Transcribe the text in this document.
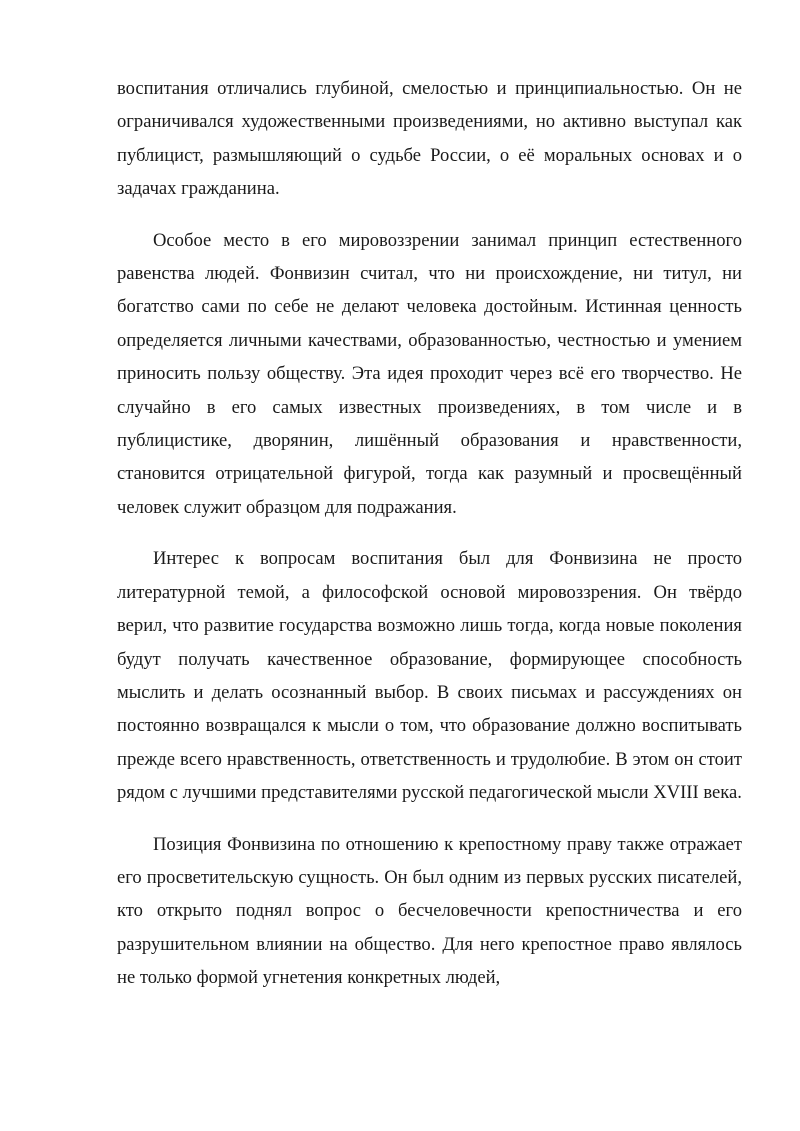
воспитания отличались глубиной, смелостью и принципиальностью. Он не ограничивался художественными произведениями, но активно выступал как публицист, размышляющий о судьбе России, о её моральных основах и о задачах гражданина.

Особое место в его мировоззрении занимал принцип естественного равенства людей. Фонвизин считал, что ни происхождение, ни титул, ни богатство сами по себе не делают человека достойным. Истинная ценность определяется личными качествами, образованностью, честностью и умением приносить пользу обществу. Эта идея проходит через всё его творчество. Не случайно в его самых известных произведениях, в том числе и в публицистике, дворянин, лишённый образования и нравственности, становится отрицательной фигурой, тогда как разумный и просвещённый человек служит образцом для подражания.

Интерес к вопросам воспитания был для Фонвизина не просто литературной темой, а философской основой мировоззрения. Он твёрдо верил, что развитие государства возможно лишь тогда, когда новые поколения будут получать качественное образование, формирующее способность мыслить и делать осознанный выбор. В своих письмах и рассуждениях он постоянно возвращался к мысли о том, что образование должно воспитывать прежде всего нравственность, ответственность и трудолюбие. В этом он стоит рядом с лучшими представителями русской педагогической мысли XVIII века.

Позиция Фонвизина по отношению к крепостному праву также отражает его просветительскую сущность. Он был одним из первых русских писателей, кто открыто поднял вопрос о бесчеловечности крепостничества и его разрушительном влиянии на общество. Для него крепостное право являлось не только формой угнетения конкретных людей,
